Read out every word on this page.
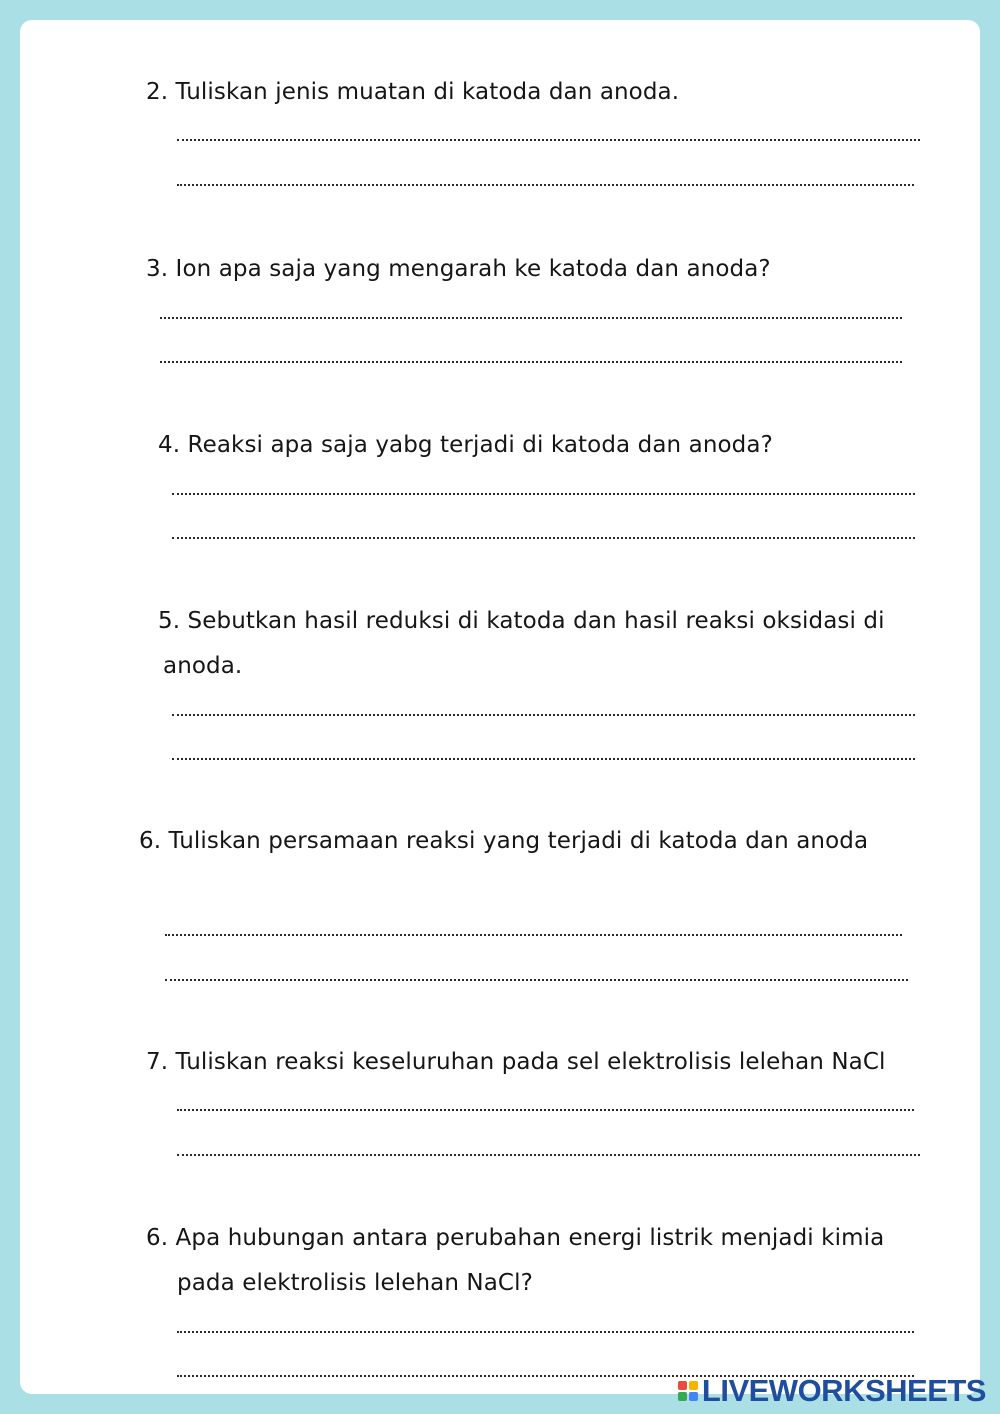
2. Tuliskan jenis muatan di katoda dan anoda.
3. Ion apa saja yang mengarah ke katoda dan anoda?
4. Reaksi apa saja yabg terjadi di katoda dan anoda?
5. Sebutkan hasil reduksi di katoda dan hasil reaksi oksidasi di
anoda.
6. Tuliskan persamaan reaksi yang terjadi di katoda dan anoda
7. Tuliskan reaksi keseluruhan pada sel elektrolisis lelehan NaCl
6. Apa hubungan antara perubahan energi listrik menjadi kimia
pada elektrolisis lelehan NaCl?
LIVEWORKSHEETS
